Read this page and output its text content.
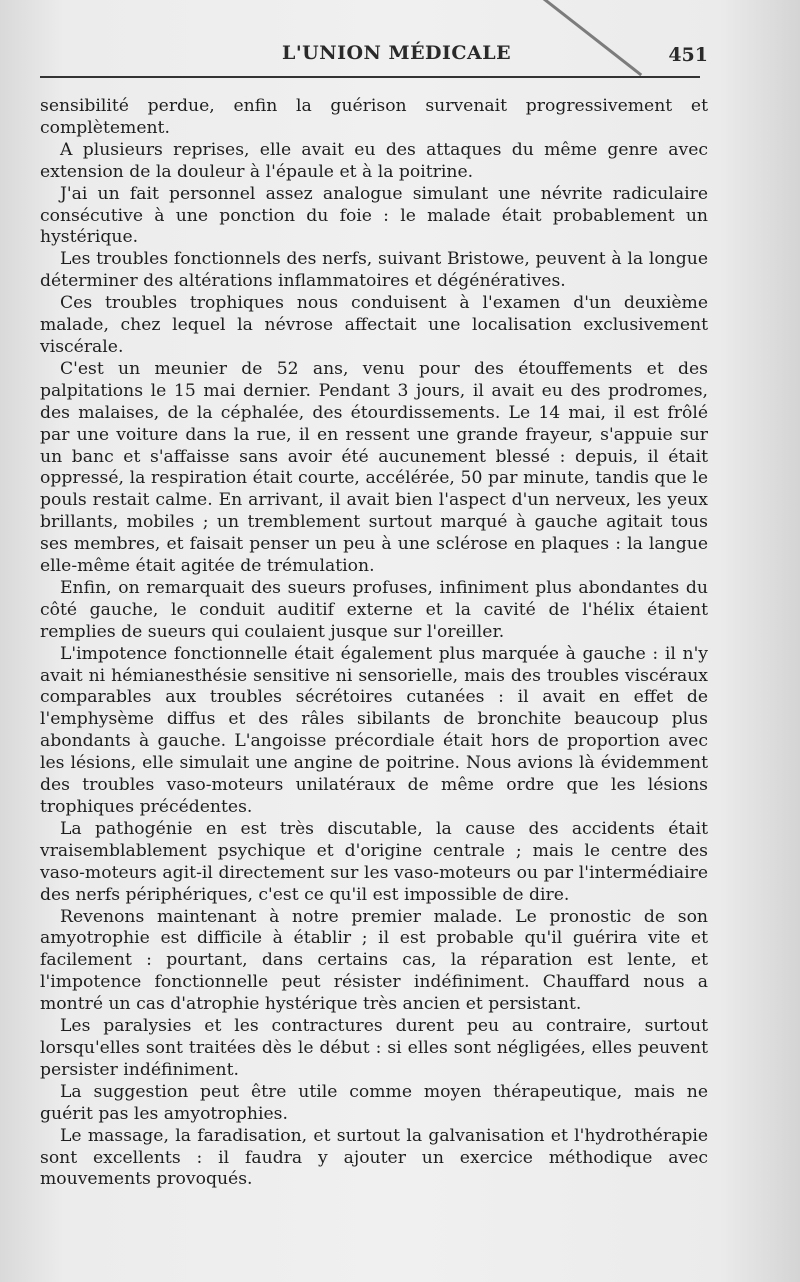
L'UNION MÉDICALE	451

sensibilité perdue, enfin la guérison survenait progressivement et complètement.

A plusieurs reprises, elle avait eu des attaques du même genre avec extension de la douleur à l'épaule et à la poitrine.

J'ai un fait personnel assez analogue simulant une névrite radiculaire consécutive à une ponction du foie : le malade était probablement un hystérique.

Les troubles fonctionnels des nerfs, suivant Bristowe, peuvent à la longue déterminer des altérations inflammatoires et dégénératives.

Ces troubles trophiques nous conduisent à l'examen d'un deuxième malade, chez lequel la névrose affectait une localisation exclusivement viscérale.

C'est un meunier de 52 ans, venu pour des étouffements et des palpitations le 15 mai dernier. Pendant 3 jours, il avait eu des prodromes, des malaises, de la céphalée, des étourdissements. Le 14 mai, il est frôlé par une voiture dans la rue, il en ressent une grande frayeur, s'appuie sur un banc et s'affaisse sans avoir été aucunement blessé : depuis, il était oppressé, la respiration était courte, accélérée, 50 par minute, tandis que le pouls restait calme. En arrivant, il avait bien l'aspect d'un nerveux, les yeux brillants, mobiles ; un tremblement surtout marqué à gauche agitait tous ses membres, et faisait penser un peu à une sclérose en plaques : la langue elle-même était agitée de trémulation.

Enfin, on remarquait des sueurs profuses, infiniment plus abondantes du côté gauche, le conduit auditif externe et la cavité de l'hélix étaient remplies de sueurs qui coulaient jusque sur l'oreiller.

L'impotence fonctionnelle était également plus marquée à gauche : il n'y avait ni hémianesthésie sensitive ni sensorielle, mais des troubles viscéraux comparables aux troubles sécrétoires cutanées : il avait en effet de l'emphysème diffus et des râles sibilants de bronchite beaucoup plus abondants à gauche. L'angoisse précordiale était hors de proportion avec les lésions, elle simulait une angine de poitrine. Nous avions là évidemment des troubles vaso-moteurs unilatéraux de même ordre que les lésions trophiques précédentes.

La pathogénie en est très discutable, la cause des accidents était vraisemblablement psychique et d'origine centrale ; mais le centre des vaso-moteurs agit-il directement sur les vaso-moteurs ou par l'intermédiaire des nerfs périphériques, c'est ce qu'il est impossible de dire.

Revenons maintenant à notre premier malade. Le pronostic de son amyotrophie est difficile à établir ; il est probable qu'il guérira vite et facilement : pourtant, dans certains cas, la réparation est lente, et l'impotence fonctionnelle peut résister indéfiniment. Chauffard nous a montré un cas d'atrophie hystérique très ancien et persistant.

Les paralysies et les contractures durent peu au contraire, surtout lorsqu'elles sont traitées dès le début : si elles sont négligées, elles peuvent persister indéfiniment.

La suggestion peut être utile comme moyen thérapeutique, mais ne guérit pas les amyotrophies.

Le massage, la faradisation, et surtout la galvanisation et l'hydrothérapie sont excellents : il faudra y ajouter un exercice méthodique avec mouvements provoqués.
